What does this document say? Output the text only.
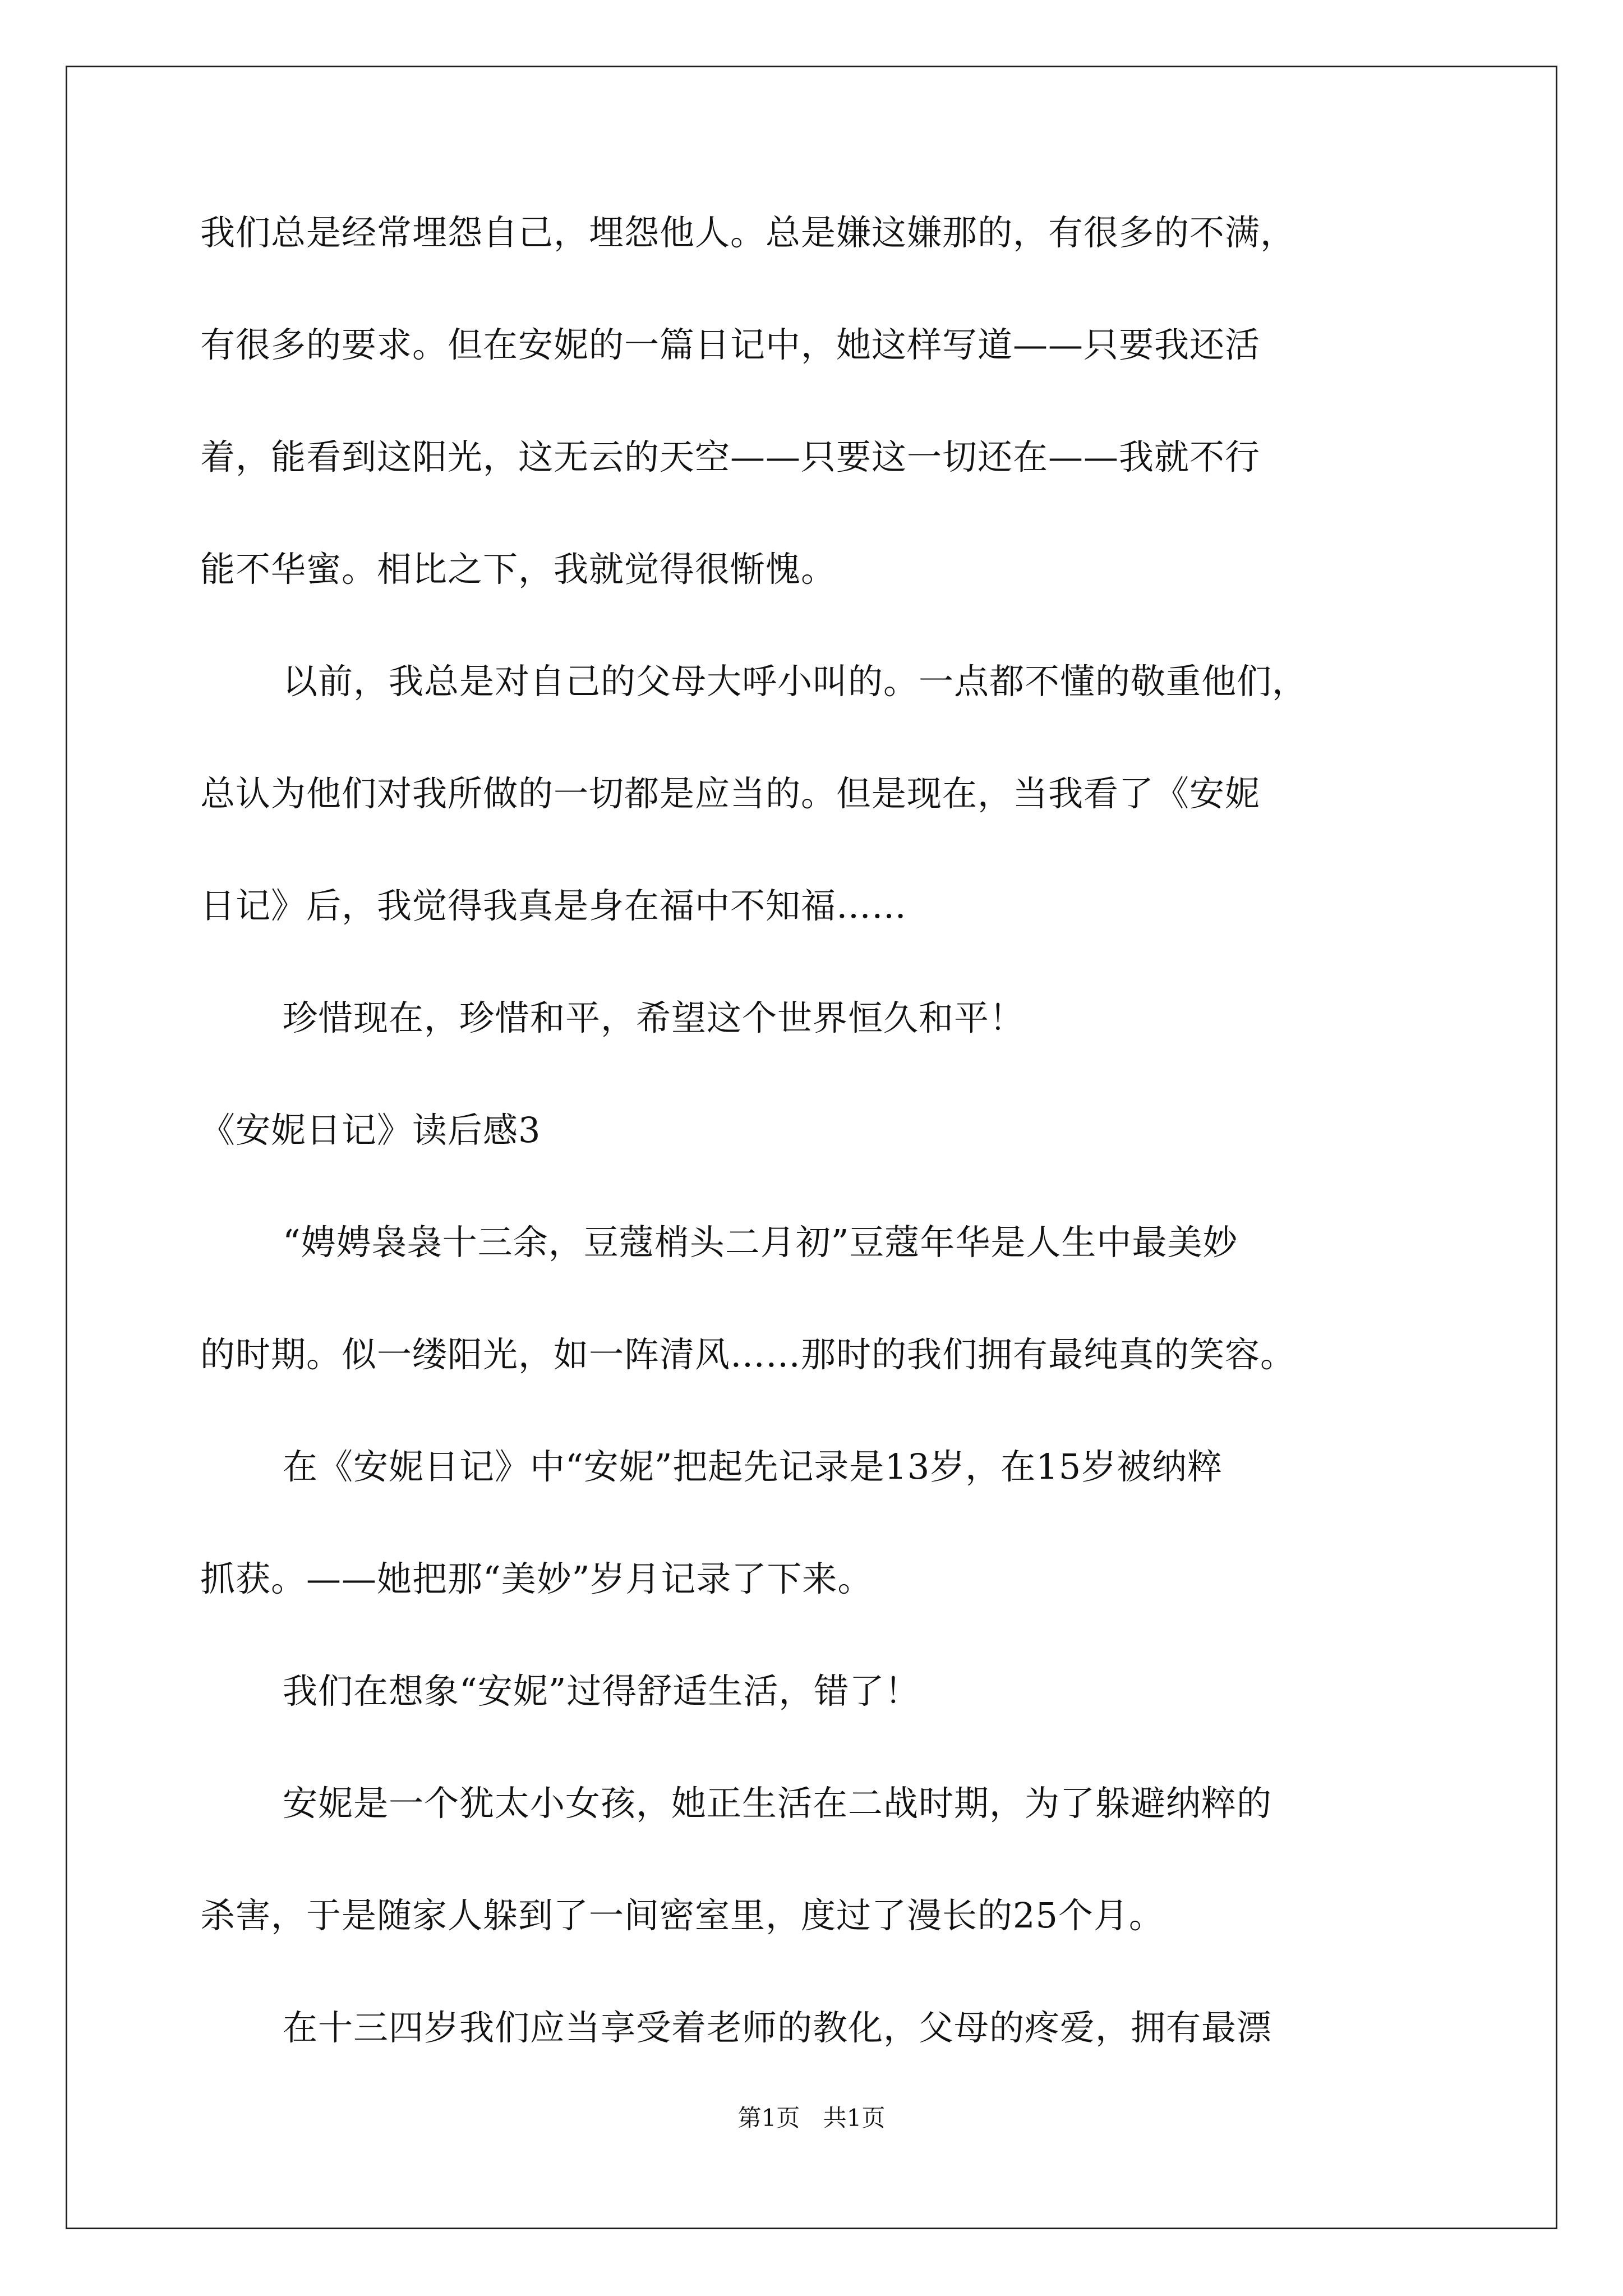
我们总是经常埋怨自己，埋怨他人。总是嫌这嫌那的，有很多的不满，
有很多的要求。但在安妮的一篇日记中，她这样写道——只要我还活
着，能看到这阳光，这无云的天空——只要这一切还在——我就不行
能不华蜜。相比之下，我就觉得很惭愧。
以前，我总是对自己的父母大呼小叫的。一点都不懂的敬重他们，
总认为他们对我所做的一切都是应当的。但是现在，当我看了《安妮
日记》后，我觉得我真是身在福中不知福……
珍惜现在，珍惜和平，希望这个世界恒久和平！
《安妮日记》读后感3
“娉娉袅袅十三余，豆蔻梢头二月初”豆蔻年华是人生中最美妙
的时期。似一缕阳光，如一阵清风……那时的我们拥有最纯真的笑容。
在《安妮日记》中“安妮”把起先记录是13岁，在15岁被纳粹
抓获。——她把那“美妙”岁月记录了下来。
我们在想象“安妮”过得舒适生活，错了！
安妮是一个犹太小女孩，她正生活在二战时期，为了躲避纳粹的
杀害，于是随家人躲到了一间密室里，度过了漫长的25个月。
在十三四岁我们应当享受着老师的教化，父母的疼爱，拥有最漂
第1页 共1页
